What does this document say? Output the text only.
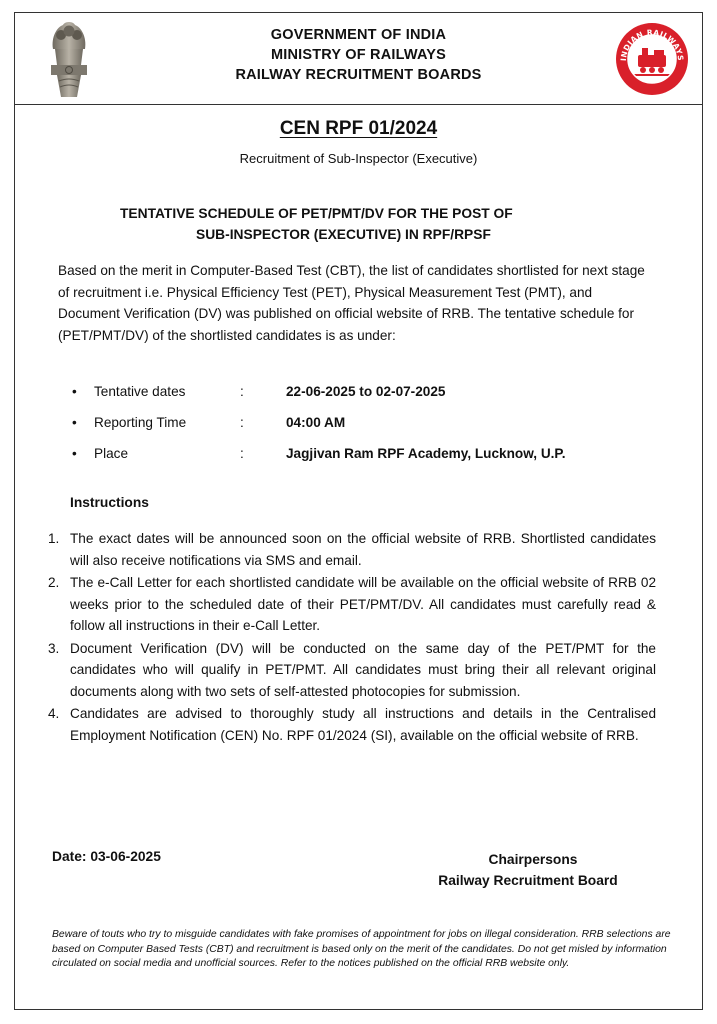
GOVERNMENT OF INDIA
MINISTRY OF RAILWAYS
RAILWAY RECRUITMENT BOARDS
INDIAN RAILWAYS
CEN RPF 01/2024
Recruitment of Sub-Inspector (Executive)
TENTATIVE SCHEDULE OF PET/PMT/DV FOR THE POST OF
SUB-INSPECTOR (EXECUTIVE) IN RPF/RPSF
Based on the merit in Computer-Based Test (CBT), the list of candidates shortlisted for next stage of recruitment i.e. Physical Efficiency Test (PET), Physical Measurement Test (PMT), and Document Verification (DV) was published on official website of RRB. The tentative schedule for (PET/PMT/DV) of the shortlisted candidates is as under:
• Tentative dates	:	22-06-2025 to 02-07-2025
• Reporting Time	:	04:00 AM
• Place	:	Jagjivan Ram RPF Academy, Lucknow, U.P.
Instructions
1. The exact dates will be announced soon on the official website of RRB. Shortlisted candidates will also receive notifications via SMS and email.
2. The e-Call Letter for each shortlisted candidate will be available on the official website of RRB 02 weeks prior to the scheduled date of their PET/PMT/DV. All candidates must carefully read & follow all instructions in their e-Call Letter.
3. Document Verification (DV) will be conducted on the same day of the PET/PMT for the candidates who will qualify in PET/PMT. All candidates must bring their all relevant original documents along with two sets of self-attested photocopies for submission.
4. Candidates are advised to thoroughly study all instructions and details in the Centralised Employment Notification (CEN) No. RPF 01/2024 (SI), available on the official website of RRB.
Date: 03-06-2025	Chairpersons
Railway Recruitment Board
Beware of touts who try to misguide candidates with fake promises of appointment for jobs on illegal consideration. RRB selections are based on Computer Based Tests (CBT) and recruitment is based only on the merit of the candidates. Do not get misled by information circulated on social media and unofficial sources. Refer to the notices published on the official RRB website only.
